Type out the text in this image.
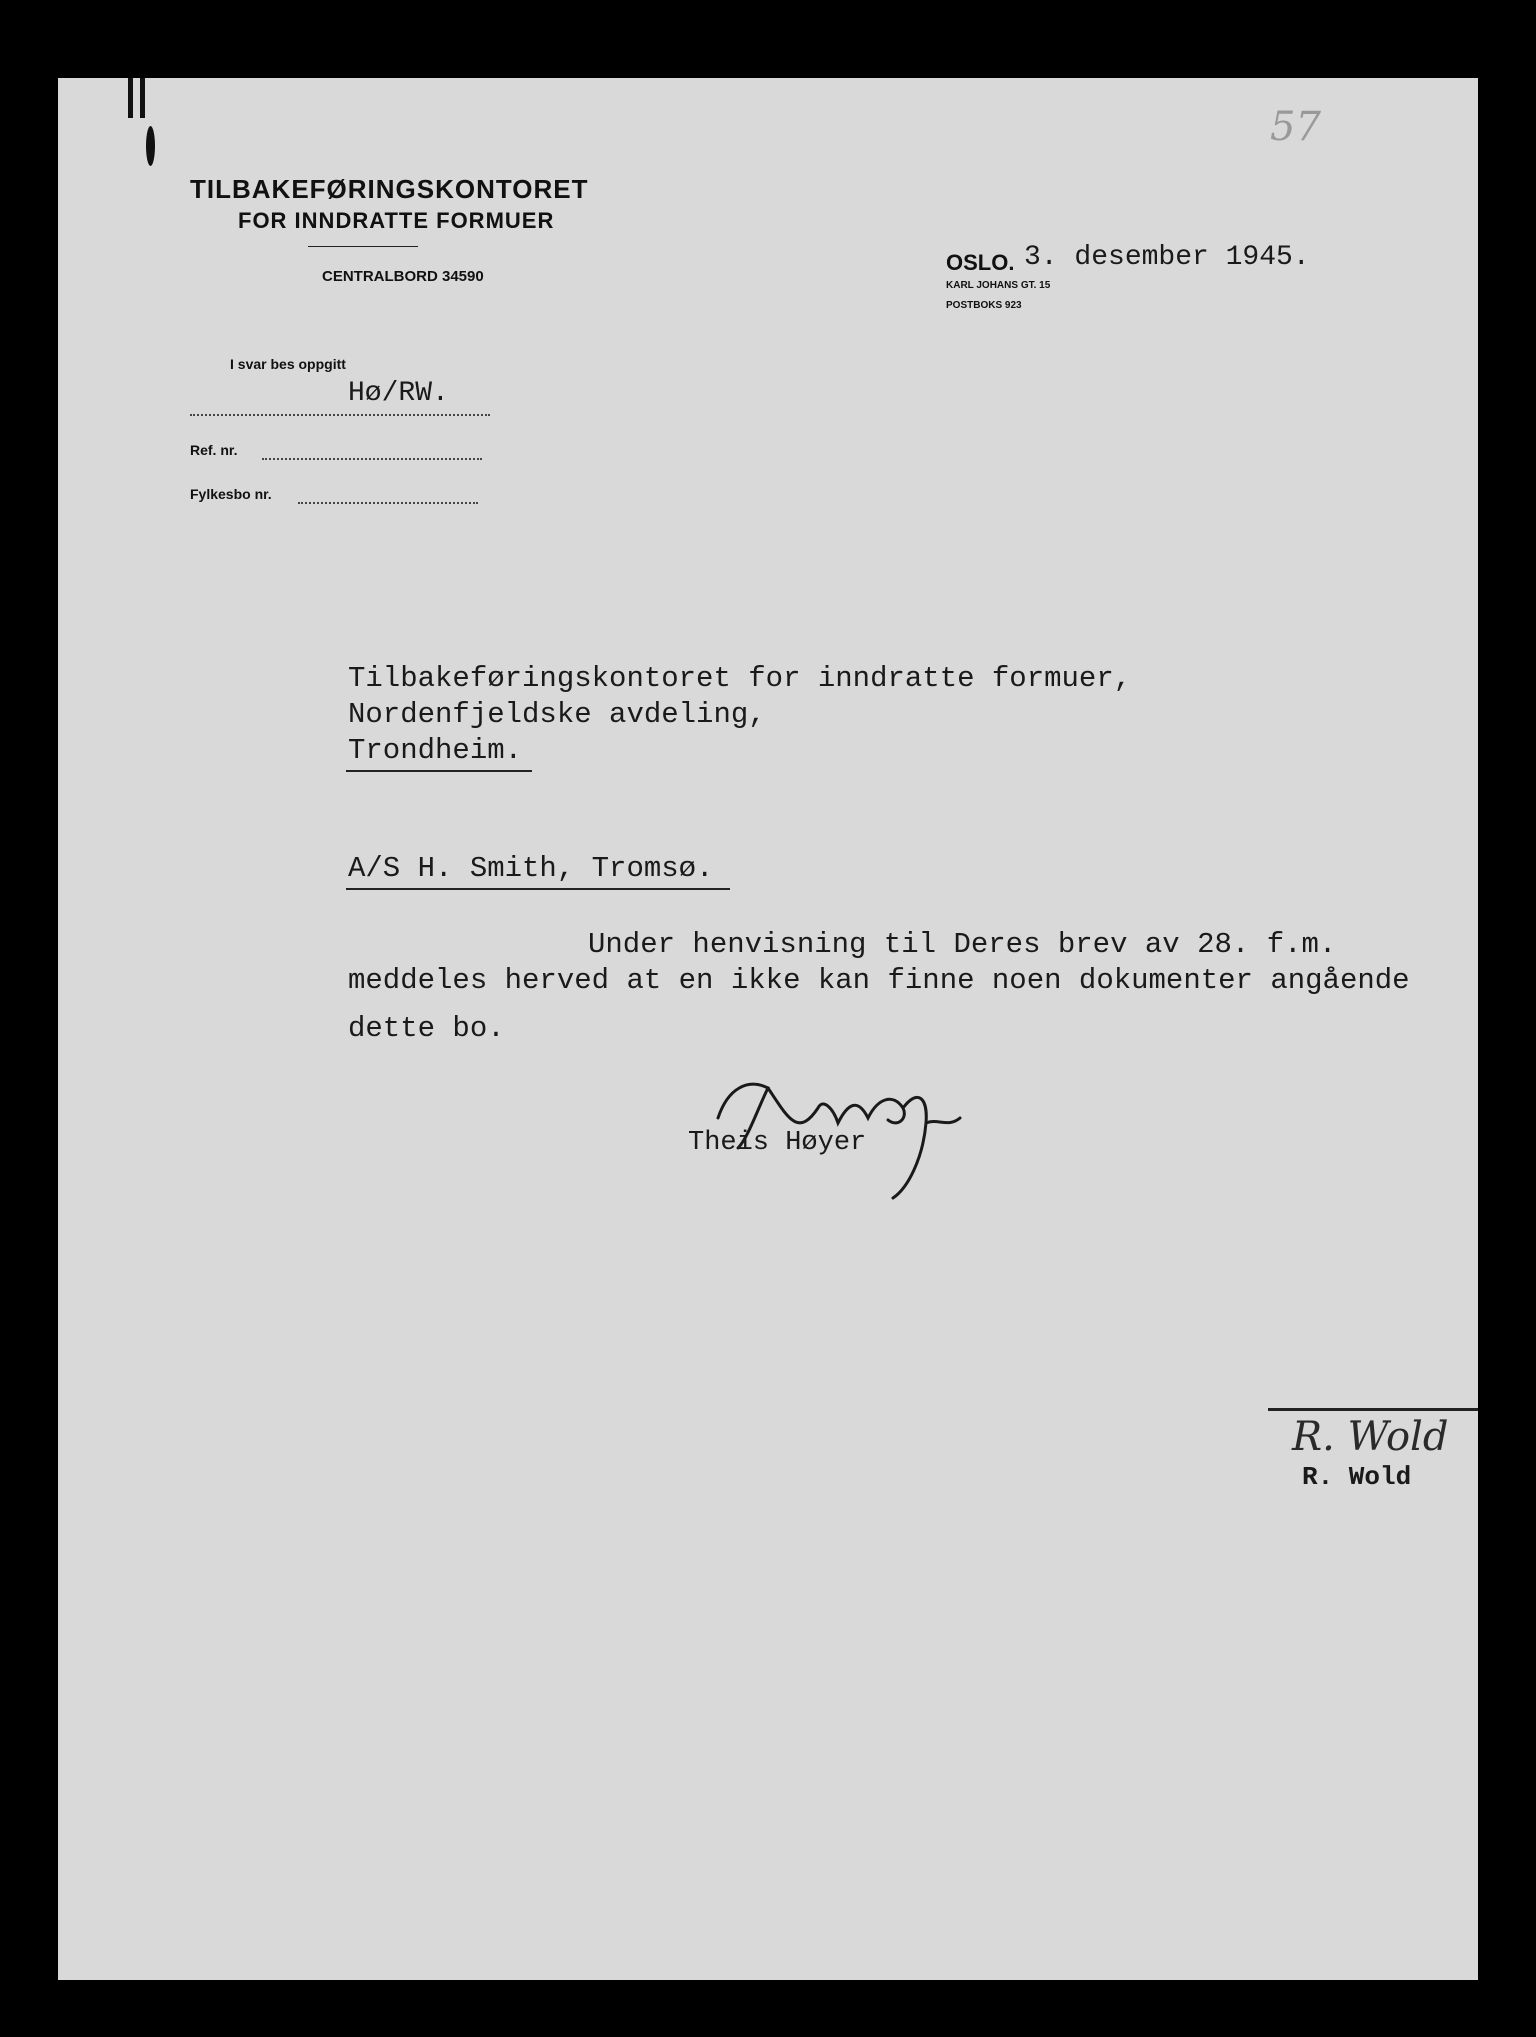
57
TILBAKEFØRINGSKONTORET
FOR INNDRATTE FORMUER
CENTRALBORD 34590
OSLO. 3. desember 1945.
KARL JOHANS GT. 15
POSTBOKS 923
I svar bes oppgitt
Hø/RW.
Ref. nr.
Fylkesbo nr.
Tilbakeføringskontoret for inndratte formuer,
Nordenfjeldske avdeling,
Trondheim.
A/S H. Smith, Tromsø.
Under henvisning til Deres brev av 28. f.m.
meddeles herved at en ikke kan finne noen dokumenter angående
dette bo.
Theis Høyer
R. Wold
R. Wold
